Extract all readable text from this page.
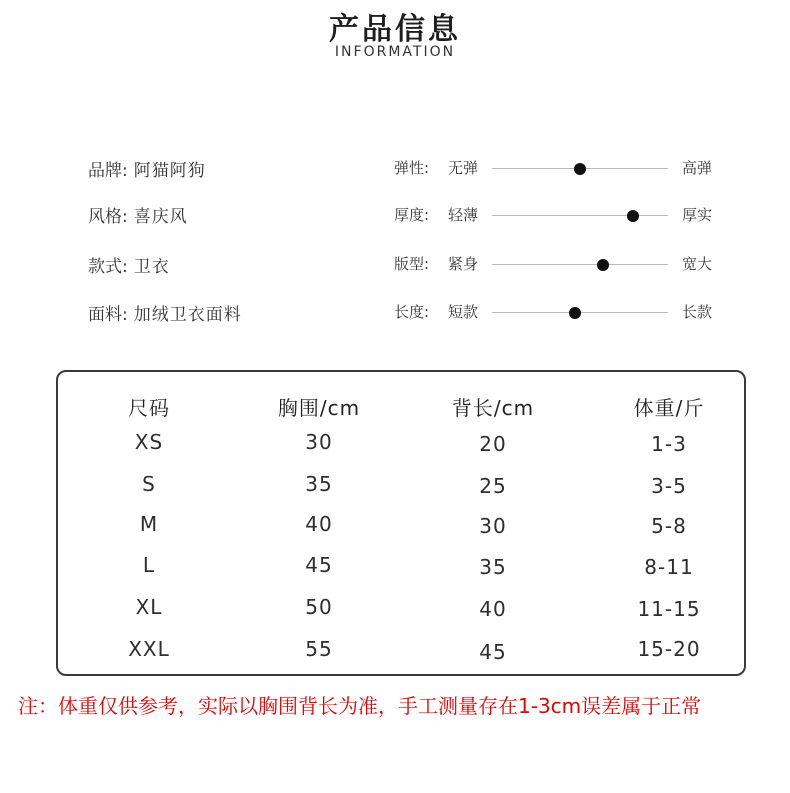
产品信息
INFORMATION
品牌: 阿猫阿狗
风格: 喜庆风
款式: 卫衣
面料: 加绒卫衣面料
弹性: 无弹	高弹
厚度: 轻薄	厚实
版型: 紧身	宽大
长度: 短款	长款
尺码	胸围/cm	背长/cm	体重/斤
XS	30	20	1-3
S	35	25	3-5
M	40	30	5-8
L	45	35	8-11
XL	50	40	11-15
XXL	55	45	15-20
注：体重仅供参考，实际以胸围背长为准，手工测量存在1-3cm误差属于正常
